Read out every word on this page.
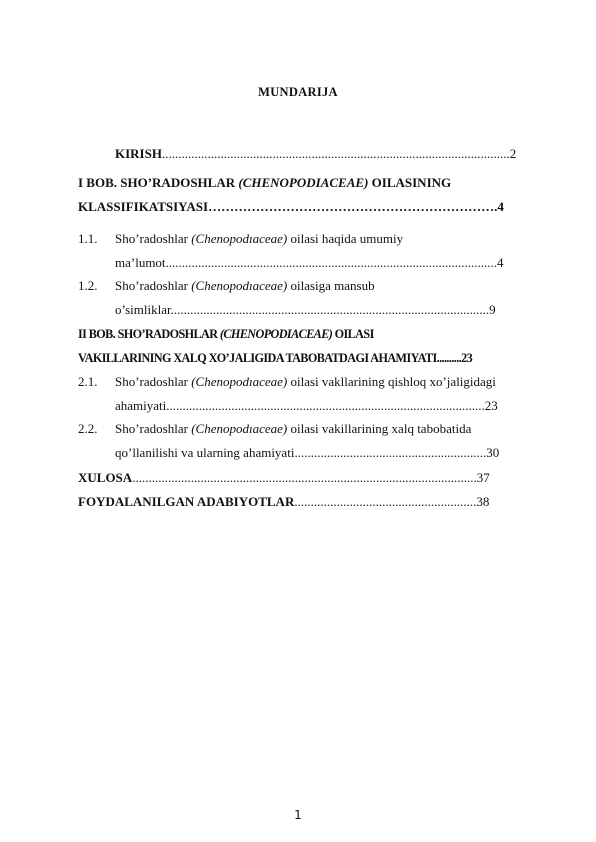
MUNDARIJA
KIRISH...........................................................................................................2
I BOB. SHO’RADOSHLAR (CHENOPODIACEAE) OILASINING
KLASSIFIKATSIYASI………………………………………………………….4
1.1. Sho’radoshlar (Chenopodıaceae) oilasi haqida umumiy
ma’lumot......................................................................................................4
1.2. Sho’radoshlar (Chenopodıaceae) oilasiga mansub
o’simliklar..................................................................................................9
II BOB. SHO’RADOSHLAR (CHENOPODIACEAE) OILASI
VAKILLARINING XALQ XO’JALIGIDA TABOBATDAGI AHAMIYATI..........23
2.1. Sho’radoshlar (Chenopodıaceae) oilasi vakllarining qishloq xo’jaligidagi
ahamiyati..................................................................................................23
2.2. Sho’radoshlar (Chenopodıaceae) oilasi vakillarining xalq tabobatida
qo’llanilishi va ularning ahamiyati...........................................................30
XULOSA..........................................................................................................37
FOYDALANILGAN ADABIYOTLAR........................................................38
1
